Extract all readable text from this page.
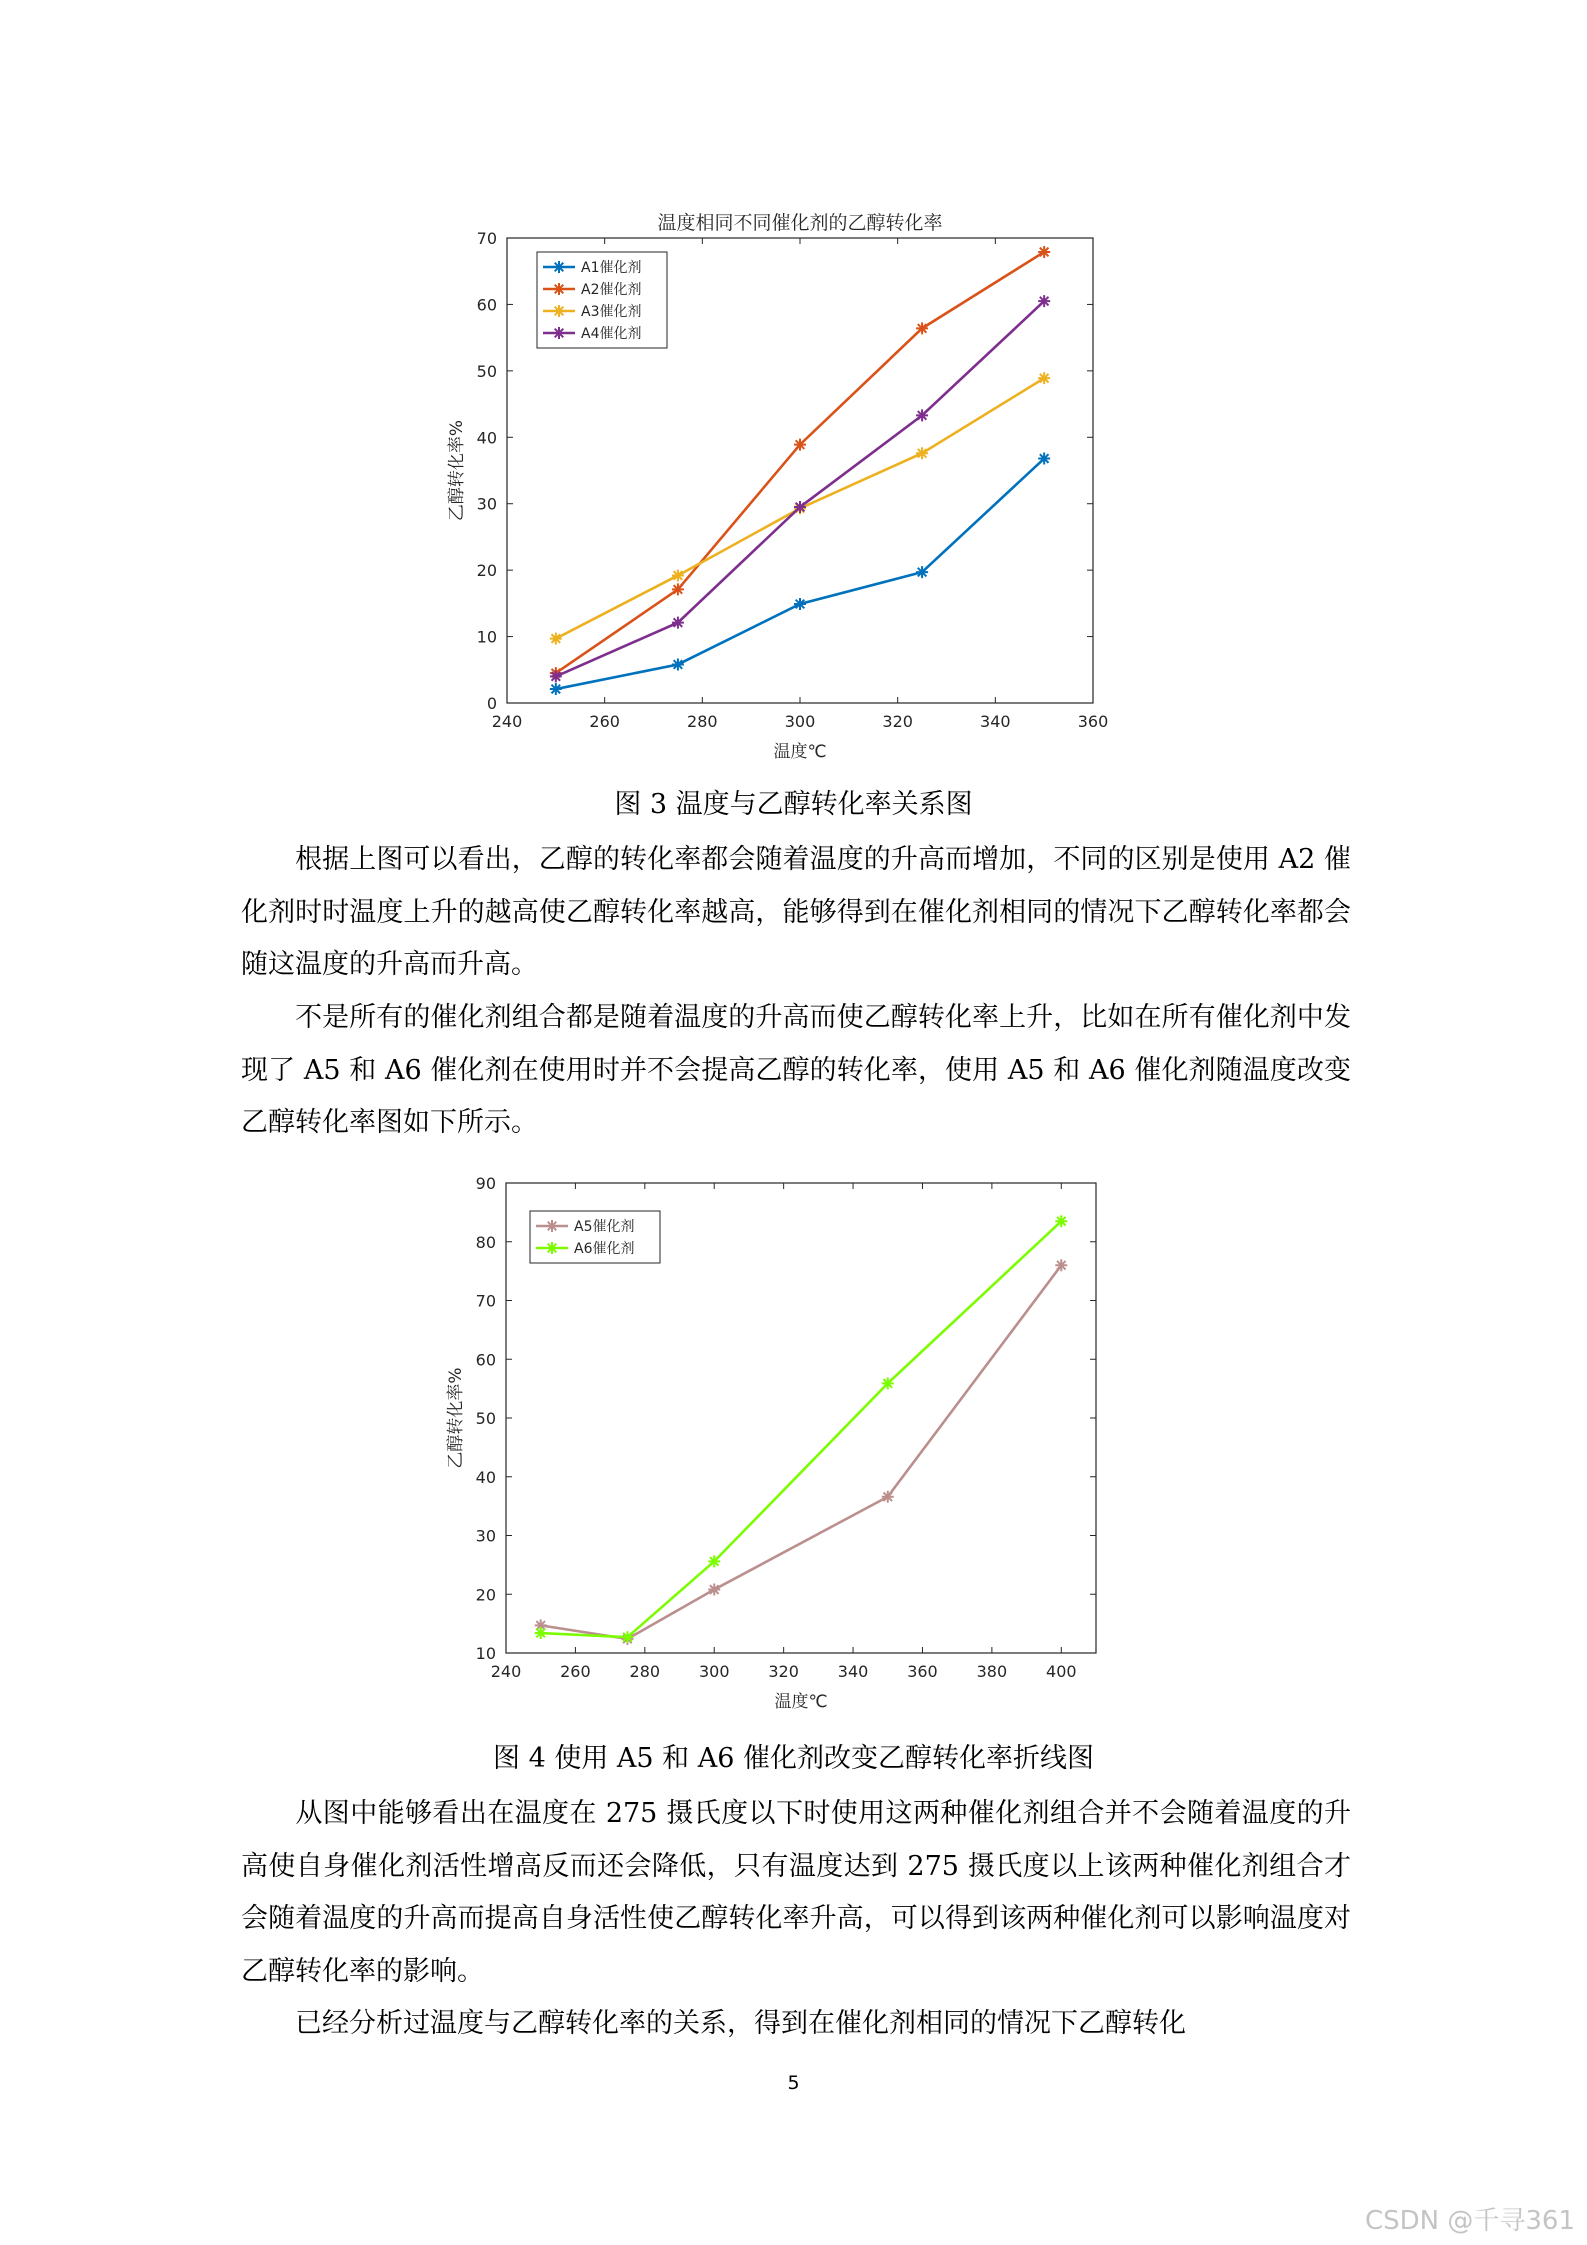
240	260	280	300	320	340	360
0
10
20
30
40
50
60
70
温度相同不同催化剂的乙醇转化率
温度℃
乙醇转化率%
A1催化剂
A2催化剂
A3催化剂
A4催化剂
240 260 280 300 320 340 360 380 400
10
20
30
40
50
60
70
80
90
温度℃
乙醇转化率%
A5催化剂
A6催化剂
图 3 温度与乙醇转化率关系图

根据上图可以看出，乙醇的转化率都会随着温度的升高而增加，不同的区别是使用 A2 催化剂时时温度上升的越高使乙醇转化率越高，能够得到在催化剂相同的情况下乙醇转化率都会随这温度的升高而升高。

不是所有的催化剂组合都是随着温度的升高而使乙醇转化率上升，比如在所有催化剂中发现了 A5 和 A6 催化剂在使用时并不会提高乙醇的转化率，使用 A5 和 A6 催化剂随温度改变乙醇转化率图如下所示。

图 4 使用 A5 和 A6 催化剂改变乙醇转化率折线图

从图中能够看出在温度在 275 摄氏度以下时使用这两种催化剂组合并不会随着温度的升高使自身催化剂活性增高反而还会降低，只有温度达到 275 摄氏度以上该两种催化剂组合才会随着温度的升高而提高自身活性使乙醇转化率升高，可以得到该两种催化剂可以影响温度对乙醇转化率的影响。

已经分析过温度与乙醇转化率的关系，得到在催化剂相同的情况下乙醇转化

5
CSDN @千寻361
